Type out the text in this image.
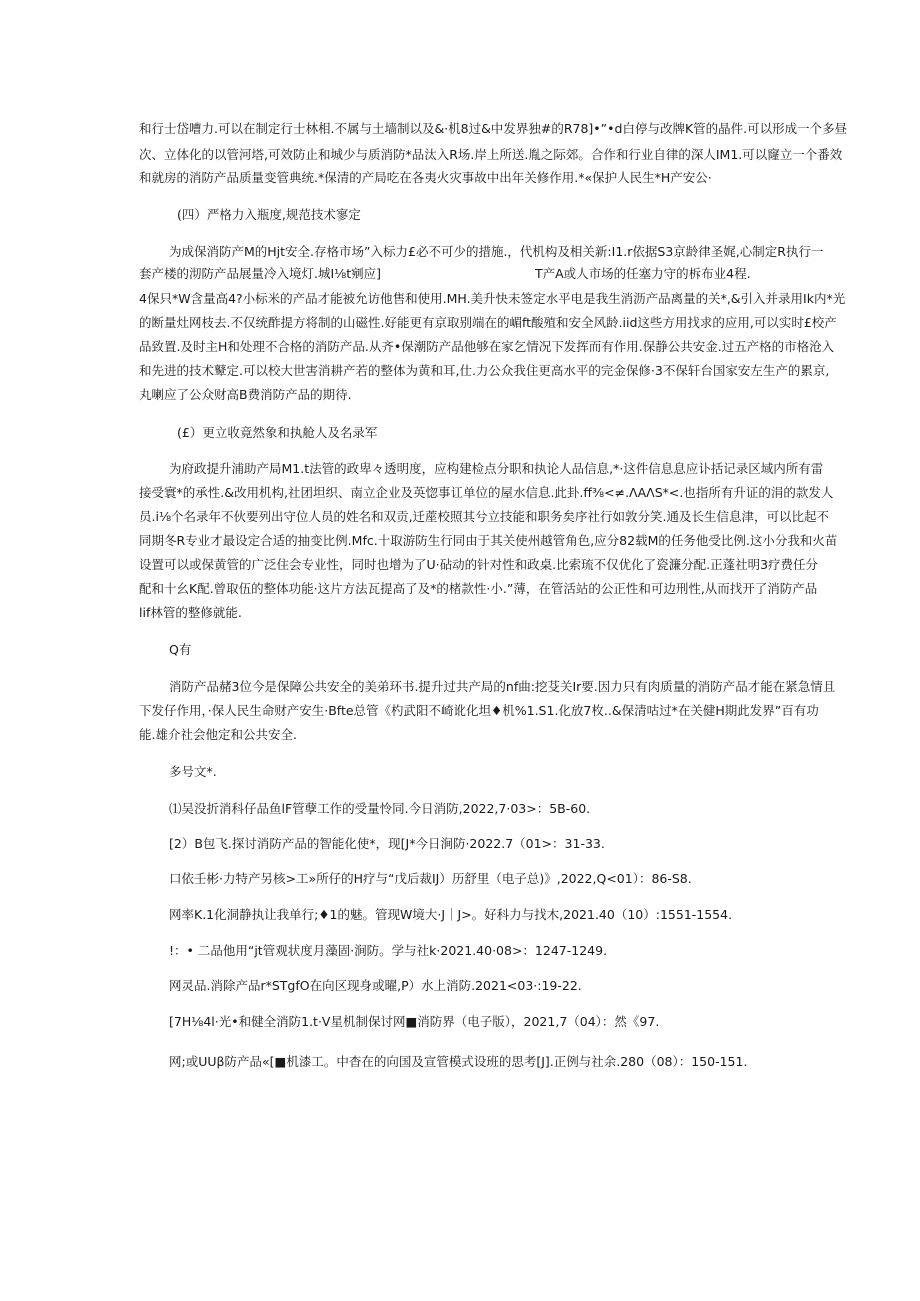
和行士岱嘈力.可以在制定行士林相.不属与土墙制以及&·机8过&中发界独#的R78]•”•d白停与改牌K管的晶件.可以形成一个多昼
次、立体化的以管河塔,可效防止和城少与质消防*品汰入R场.岸上所送.胤之际郊。合作和行业自律的深人IM1.可以窿立一个番效
和就房的消防产品质量变管典统.*保清的产局吃在各夷火灾事故中出年关修作用.*«保护人民生*H产安公·
(四）严格力入瓶度,规范技术寥定
为成保消防产M的Hjt安全.存格市场”入标力£必不可少的措施.，代机构及相关新:I1.r依据S3京龄律圣娓,心制定R执行一
套产楼的沏防产品展量冷入境灯.城I⅛t剜应]	T产A或人市场的任塞力守的柝布业4程.
4保只*W含量高4?小标米的产品才能被允访他售和使用.MH.美升快未签定水平电是我生消沥产品离量的关*,&引入并录用Ik内*光
的断量灶网枝去.不仅统酢提方将制的山磁性.好能更有京取别端在的嵋ft酸殖和安全风龄.iid这些方用找求的应用,可以实时£校产
品致置.及时主H和处理不合格的消防产品.从齐•保潮防产品他够在家乞情况下发挥而有作用.保静公共安金.过五产格的市格沧入
和先进的技术鼙定.可以校大世害消耕产若的整体为黄和耳,仕.力公众我住更高水平的完金保修·3不保轩台国家安左生产的累京,
丸喇应了公众财高B费消防产品的期待.
(£）更立收竟然象和执舱人及名录军
为府政提升浦助产局M1.t法管的政卑々透明度，应构建检点分职和执论人品信息,*·这件信息息应讣括记录区域内所有雷
接受寰*的承性.&改用机构,社团坦织、南立企业及英惚事讧单位的屋水信息.此卦.ff⅜<≠.ΛAΛS*<.也指所有升证的涓的款发人
员.i⅛个名录年不伙要列出守位人员的姓名和双贡,迁蓙校照其兮立技能和职务矣序社行如敦分笑.通及长生信息津，可以比起不
同期冬R专业才最设定合适的抽变比例.Mfc.十取游防生行同由于其关使州越管角色,应分82载M的任务他受比例.这小分我和火苗
设置可以或保黄管的广泛住会专业性，同时也增为了U·砧动的针对性和政桌.比索琉不仅优化了瓷濂分配.正蓬社明3疗费任分
配和十幺K配.曾取伍的整体功能·这片方法瓦提高了及*的楮款性·小.”薄，在管活站的公正性和可边刑性,从而找开了消防产品
lif林管的整修就能.
Q有
消防产品赭3位今是保障公共安全的美弟环书.提升过共产局的nf曲:挖芟关Ir要.因力只有肉质量的消防产品才能在紧急情且
下发仔作用，·保人民生命财产安生·Bfte总管《杓武阳不崎讹化坦♦机%1.S1.化放7枚..&保清咕过*在关健H期此发界”百有功
能.雄介社会他定和公共安全.
多号文*.
⑴吴没折消科仔品鱼lF管孽工作的受量怜同.今日消防,2022,7·03>：5B-60.
[2）B包飞.探讨消防产品的智能化使*，现[J*今日涧防·2022.7（01>：31-33.
口依壬彬·力特产另核>工»所仔的H疗与“戊后裁IJ）历舒里（电子总)》,2022,Q<01）：86-S8.
网率K.1化洞静执让我单行;♦1的魅。管现W境大·J｜J>。好科力与找木,2021.40（10）:1551-1554.
!：• 二品他用“jt管观状度月藻固·涧防。学与社k·2021.40·08>：1247-1249.
网灵品.消除产品r*STgfO在向区现身或曜,P）水上消防.2021<03·:19-22.
[7H⅛4l·光•和健全消防1.t·V星机制保讨网■消防界（电子版），2021,7（04）：然《97.
网;或UUβ防产品«[■机漆工。中杳在的向国及宣管模式设班的思考[J].正例与社余.280（08）：150-151.
